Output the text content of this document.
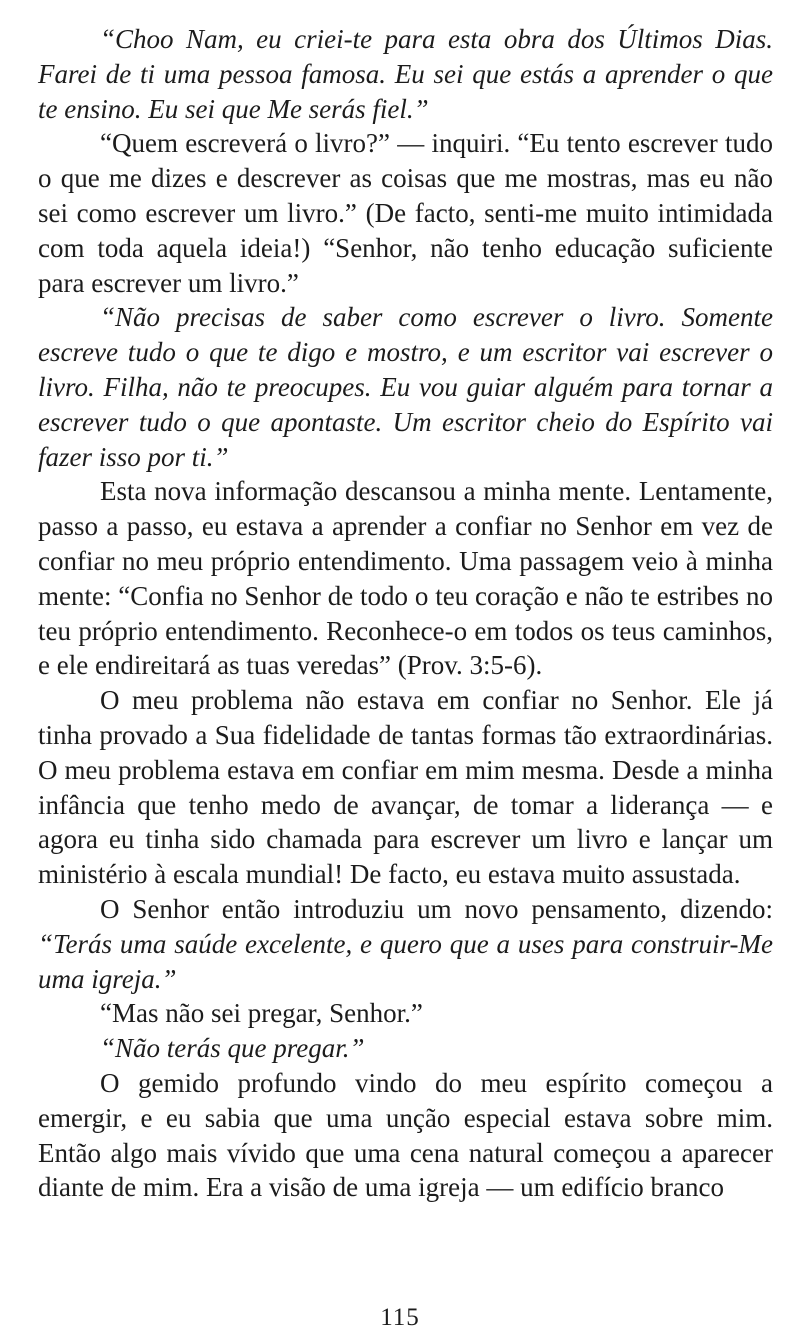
“Choo Nam, eu criei-te para esta obra dos Últimos Dias. Farei de ti uma pessoa famosa. Eu sei que estás a aprender o que te ensino. Eu sei que Me serás fiel.”

“Quem escreverá o livro?” — inquiri. “Eu tento escrever tudo o que me dizes e descrever as coisas que me mostras, mas eu não sei como escrever um livro.” (De facto, senti-me muito intimidada com toda aquela ideia!) “Senhor, não tenho educação suficiente para escrever um livro.”

“Não precisas de saber como escrever o livro. Somente escreve tudo o que te digo e mostro, e um escritor vai escrever o livro. Filha, não te preocupes. Eu vou guiar alguém para tornar a escrever tudo o que apontaste. Um escritor cheio do Espírito vai fazer isso por ti.”

Esta nova informação descansou a minha mente. Lentamente, passo a passo, eu estava a aprender a confiar no Senhor em vez de confiar no meu próprio entendimento. Uma passagem veio à minha mente: “Confia no Senhor de todo o teu coração e não te estribes no teu próprio entendimento. Reconhece-o em todos os teus caminhos, e ele endireitará as tuas veredas” (Prov. 3:5-6).

O meu problema não estava em confiar no Senhor. Ele já tinha provado a Sua fidelidade de tantas formas tão extraordinárias. O meu problema estava em confiar em mim mesma. Desde a minha infância que tenho medo de avançar, de tomar a liderança — e agora eu tinha sido chamada para escrever um livro e lançar um ministério à escala mundial! De facto, eu estava muito assustada.

O Senhor então introduziu um novo pensamento, dizendo: “Terás uma saúde excelente, e quero que a uses para construir-Me uma igreja.”

“Mas não sei pregar, Senhor.”

“Não terás que pregar.”

O gemido profundo vindo do meu espírito começou a emergir, e eu sabia que uma unção especial estava sobre mim. Então algo mais vívido que uma cena natural começou a aparecer diante de mim. Era a visão de uma igreja — um edifício branco

115
